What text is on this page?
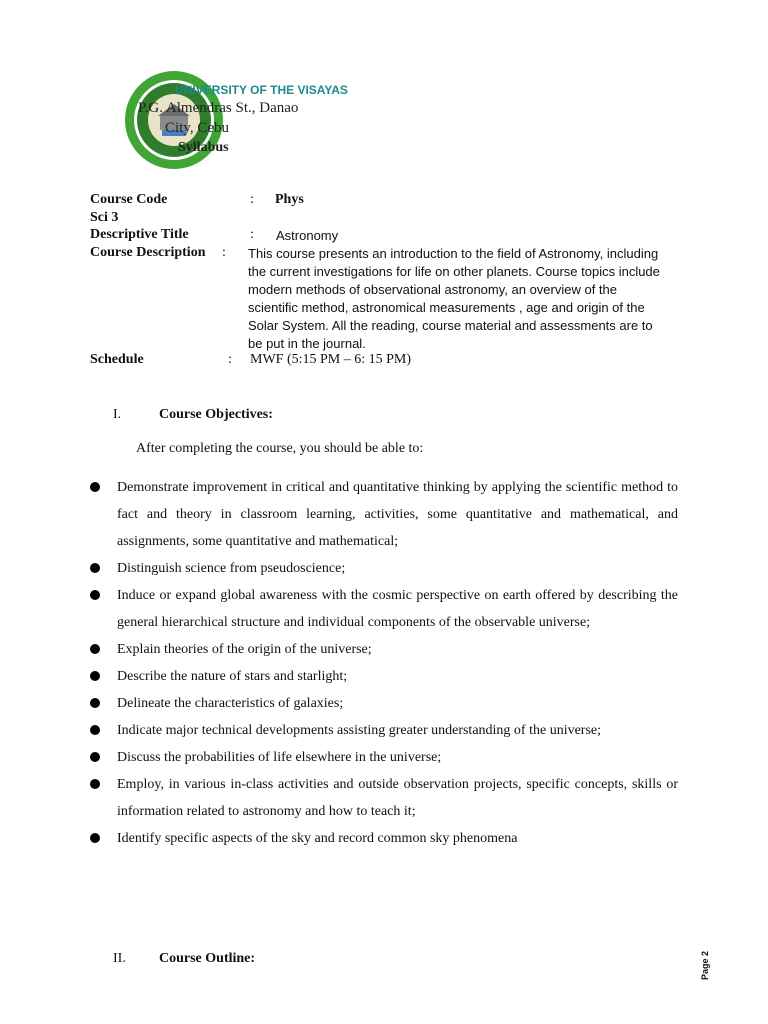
UNIVERSITY OF THE VISAYAS
P.G. Almendras St., Danao
City, Cebu
Syllabus
Course Code	: Phys
Sci 3
Descriptive Title	: Astronomy
Course Description : This course presents an introduction to the field of Astronomy, including the current investigations for life on other planets. Course topics include modern methods of observational astronomy, an overview of the scientific method, astronomical measurements , age and origin of the Solar System. All the reading, course material and assessments are to be put in the journal.
Schedule	: MWF (5:15 PM – 6: 15 PM)
I.	Course Objectives:
After completing the course, you should be able to:
Demonstrate improvement in critical and quantitative thinking by applying the scientific method to fact and theory in classroom learning, activities, some quantitative and mathematical, and assignments, some quantitative and mathematical;
Distinguish science from pseudoscience;
Induce or expand global awareness with the cosmic perspective on earth offered by describing the general hierarchical structure and individual components of the observable universe;
Explain theories of the origin of the universe;
Describe the nature of stars and starlight;
Delineate the characteristics of galaxies;
Indicate major technical developments assisting greater understanding of the universe;
Discuss the probabilities of life elsewhere in the universe;
Employ, in various in-class activities and outside observation projects, specific concepts, skills or information related to astronomy and how to teach it;
Identify specific aspects of the sky and record common sky phenomena
II. Course Outline:	Page 2
